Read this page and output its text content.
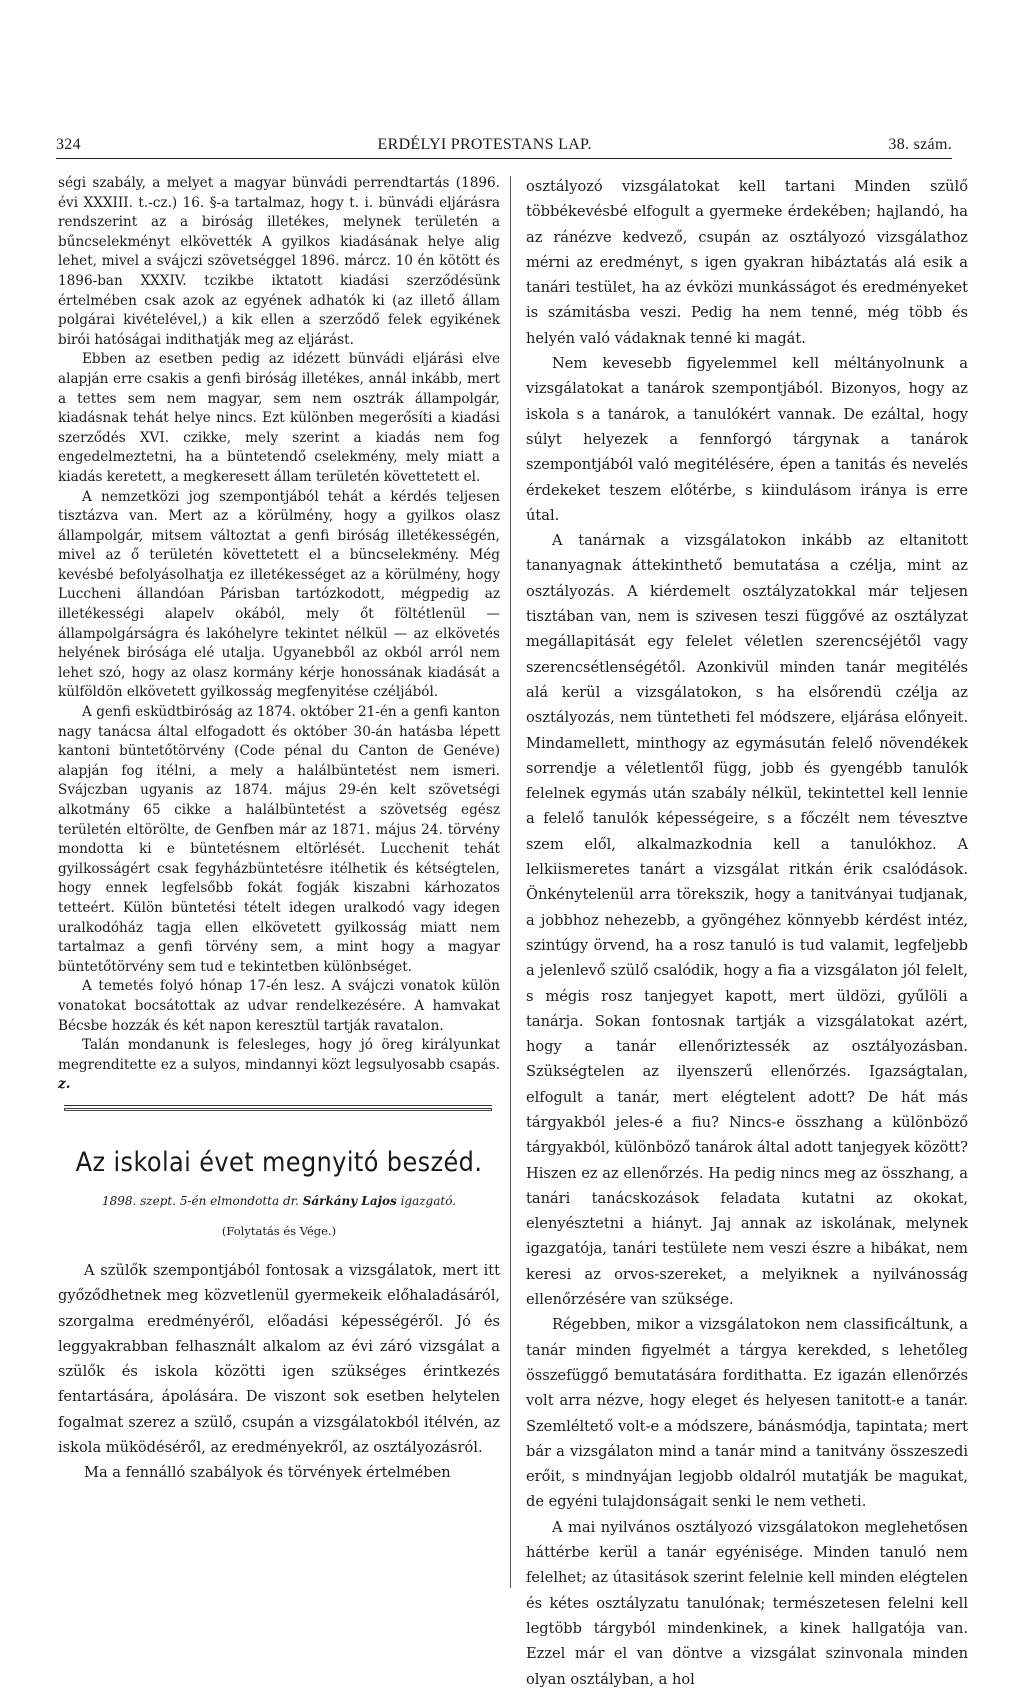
324	ERDÉLYI PROTESTANS LAP.	38. szám.

ségi szabály, a melyet a magyar bünvádi perrendtartás (1896. évi XXXIII. t.-cz.) 16. §-a tartalmaz, hogy t. i. bünvádi eljárásra rendszerint az a biróság illetékes, melynek területén a bűncselekményt elkövették A gyilkos kiadásának helye alig lehet, mivel a svájczi szövetséggel 1896. márcz. 10 én kötött és 1896-ban XXXIV. tczikbe iktatott kiadási szerződésünk értelmében csak azok az egyének adhatók ki (az illető állam polgárai kivételével,) a kik ellen a szerződő felek egyikének birói hatóságai indithatják meg az eljárást.

Ebben az esetben pedig az idézett bünvádi eljárási elve alapján erre csakis a genfi biróság illetékes, annál inkább, mert a tettes sem nem magyar, sem nem osztrák állampolgár, kiadásnak tehát helye nincs. Ezt különben megerősíti a kiadási szerződés XVI. czikke, mely szerint a kiadás nem fog engedelmeztetni, ha a büntetendő cselekmény, mely miatt a kiadás keretett, a megkeresett állam területén követtetett el.

A nemzetközi jog szempontjából tehát a kérdés teljesen tisztázva van. Mert az a körülmény, hogy a gyilkos olasz állampolgár, mitsem változtat a genfi biróság illetékességén, mivel az ő területén követtetett el a büncselekmény. Még kevésbé befolyásolhatja ez illetékességet az a körülmény, hogy Luccheni állandóan Párisban tartózkodott, mégpedig az illetékességi alapelv okából, mely őt föltétlenül — állampolgárságra és lakóhelyre tekintet nélkül — az elkövetés helyének birósága elé utalja. Ugyanebből az okból arról nem lehet szó, hogy az olasz kormány kérje honossának kiadását a külföldön elkövetett gyilkosság megfenyitése czéljából.

A genfi esküdtbiróság az 1874. október 21-én a genfi kanton nagy tanácsa által elfogadott és október 30-án hatásba lépett kantoni büntetőtörvény (Code pénal du Canton de Genéve) alapján fog itélni, a mely a halálbüntetést nem ismeri. Svájczban ugyanis az 1874. május 29-én kelt szövetségi alkotmány 65 cikke a halálbüntetést a szövetség egész területén eltörölte, de Genfben már az 1871. május 24. törvény mondotta ki e büntetésnem eltörlését. Lucchenit tehát gyilkosságért csak fegyházbüntetésre itélhetik és kétségtelen, hogy ennek legfelsőbb fokát fogják kiszabni kárhozatos tetteért. Külön büntetési tételt idegen uralkodó vagy idegen uralkodóház tagja ellen elkövetett gyilkosság miatt nem tartalmaz a genfi törvény sem, a mint hogy a magyar büntetőtörvény sem tud e tekintetben különbséget.

A temetés folyó hónap 17-én lesz. A svájczi vonatok külön vonatokat bocsátottak az udvar rendelkezésére. A hamvakat Bécsbe hozzák és két napon keresztül tartják ravatalon.

Talán mondanunk is felesleges, hogy jó öreg királyunkat megrenditette ez a sulyos, mindannyi közt legsulyosabb csapás. z.

Az iskolai évet megnyitó beszéd.

1898. szept. 5-én elmondotta dr. Sárkány Lajos igazgató.

(Folytatás és Vége.)

A szülők szempontjából fontosak a vizsgálatok, mert itt győződhetnek meg közvetlenül gyermekeik előhaladásáról, szorgalma eredményéről, előadási képességéről. Jó és leggyakrabban felhasznált alkalom az évi záró vizsgálat a szülők és iskola közötti igen szükséges érintkezés fentartására, ápolására. De viszont sok esetben helytelen fogalmat szerez a szülő, csupán a vizsgálatokból itélvén, az iskola müködéséről, az eredményekről, az osztályozásról.

Ma a fennálló szabályok és törvények értelmében

osztályozó vizsgálatokat kell tartani Minden szülő többékevésbé elfogult a gyermeke érdekében; hajlandó, ha az ránézve kedvező, csupán az osztályozó vizsgálathoz mérni az eredményt, s igen gyakran hibáztatás alá esik a tanári testület, ha az évközi munkásságot és eredményeket is számitásba veszi. Pedig ha nem tenné, még több és helyén való vádaknak tenné ki magát.

Nem kevesebb figyelemmel kell méltányolnunk a vizsgálatokat a tanárok szempontjából. Bizonyos, hogy az iskola s a tanárok, a tanulókért vannak. De ezáltal, hogy súlyt helyezek a fennforgó tárgynak a tanárok szempontjából való megitélésére, épen a tanitás és nevelés érdekeket teszem előtérbe, s kiindulásom iránya is erre útal.

A tanárnak a vizsgálatokon inkább az eltanitott tananyagnak áttekinthető bemutatása a czélja, mint az osztályozás. A kiérdemelt osztályzatokkal már teljesen tisztában van, nem is szivesen teszi függővé az osztályzat megállapitását egy felelet véletlen szerencséjétől vagy szerencsétlenségétől. Azonkivül minden tanár megitélés alá kerül a vizsgálatokon, s ha elsőrendü czélja az osztályozás, nem tüntetheti fel módszere, eljárása előnyeit. Mindamellett, minthogy az egymásután felelő növendékek sorrendje a véletlentől függ, jobb és gyengébb tanulók felelnek egymás után szabály nélkül, tekintettel kell lennie a felelő tanulók képességeire, s a főczélt nem tévesztve szem elől, alkalmazkodnia kell a tanulókhoz. A lelkiismeretes tanárt a vizsgálat ritkán érik csalódások. Önkénytelenül arra törekszik, hogy a tanitványai tudjanak, a jobbhoz nehezebb, a gyöngéhez könnyebb kérdést intéz, szintúgy örvend, ha a rosz tanuló is tud valamit, legfeljebb a jelenlevő szülő csalódik, hogy a fia a vizsgálaton jól felelt, s mégis rosz tanjegyet kapott, mert üldözi, gyűlöli a tanárja. Sokan fontosnak tartják a vizsgálatokat azért, hogy a tanár ellenőriztessék az osztályozásban. Szükségtelen az ilyenszerű ellenőrzés. Igazságtalan, elfogult a tanár, mert elégtelent adott? De hát más tárgyakból jeles-é a fiu? Nincs-e összhang a különböző tárgyakból, különböző tanárok által adott tanjegyek között? Hiszen ez az ellenőrzés. Ha pedig nincs meg az összhang, a tanári tanácskozások feladata kutatni az okokat, elenyésztetni a hiányt. Jaj annak az iskolának, melynek igazgatója, tanári testülete nem veszi észre a hibákat, nem keresi az orvos-szereket, a melyiknek a nyilvánosság ellenőrzésére van szüksége.

Régebben, mikor a vizsgálatokon nem classificáltunk, a tanár minden figyelmét a tárgya kerekded, s lehetőleg összefüggő bemutatására fordithatta. Ez igazán ellenőrzés volt arra nézve, hogy eleget és helyesen tanitott-e a tanár. Szemléltető volt-e a módszere, bánásmódja, tapintata; mert bár a vizsgálaton mind a tanár mind a tanitvány összeszedi erőit, s mindnyájan legjobb oldalról mutatják be magukat, de egyéni tulajdonságait senki le nem vetheti.

A mai nyilvános osztályozó vizsgálatokon meglehetősen háttérbe kerül a tanár egyénisége. Minden tanuló nem felelhet; az útasitások szerint felelnie kell minden elégtelen és kétes osztályzatu tanulónak; természetesen felelni kell legtöbb tárgyból mindenkinek, a kinek hallgatója van. Ezzel már el van döntve a vizsgálat szinvonala minden olyan osztályban, a hol
